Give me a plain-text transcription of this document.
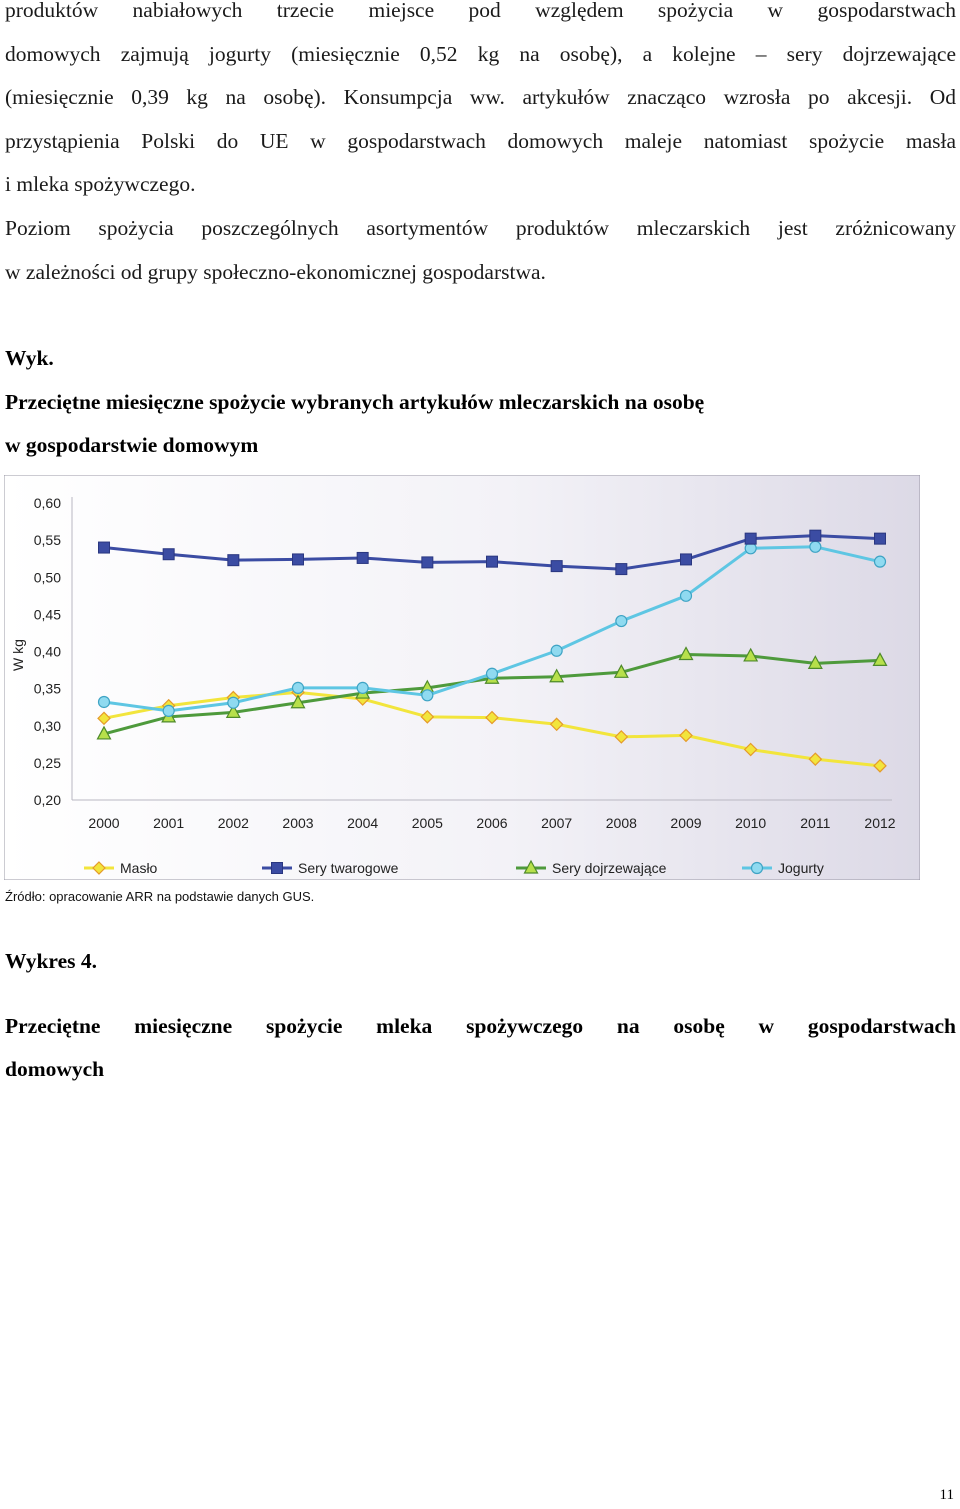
produktów nabiałowych trzecie miejsce pod względem spożycia w gospodarstwach

domowych zajmują jogurty (miesięcznie 0,52 kg na osobę), a kolejne – sery dojrzewające

(miesięcznie 0,39 kg na osobę). Konsumpcja ww. artykułów znacząco wzrosła po akcesji. Od

przystąpienia Polski do UE w gospodarstwach domowych maleje natomiast spożycie masła

i mleka spożywczego.

Poziom spożycia poszczególnych asortymentów produktów mleczarskich jest zróżnicowany

w zależności od grupy społeczno-ekonomicznej gospodarstwa.

Wyk.

Przeciętne miesięczne spożycie wybranych artykułów mleczarskich na osobę

w gospodarstwie domowym

0,60
0,55
0,50
0,45
0,40
0,35
0,30
0,25
0,20
W kg
2000 2001 2002 2003 2004 2005 2006 2007 2008 2009 2010 2011 2012
Masło	Sery twarogowe	Sery dojrzewające	Jogurty
Źródło: opracowanie ARR na podstawie danych GUS.

Wykres 4.

Przeciętne miesięczne spożycie mleka spożywczego na osobę w gospodarstwach

domowych

11
